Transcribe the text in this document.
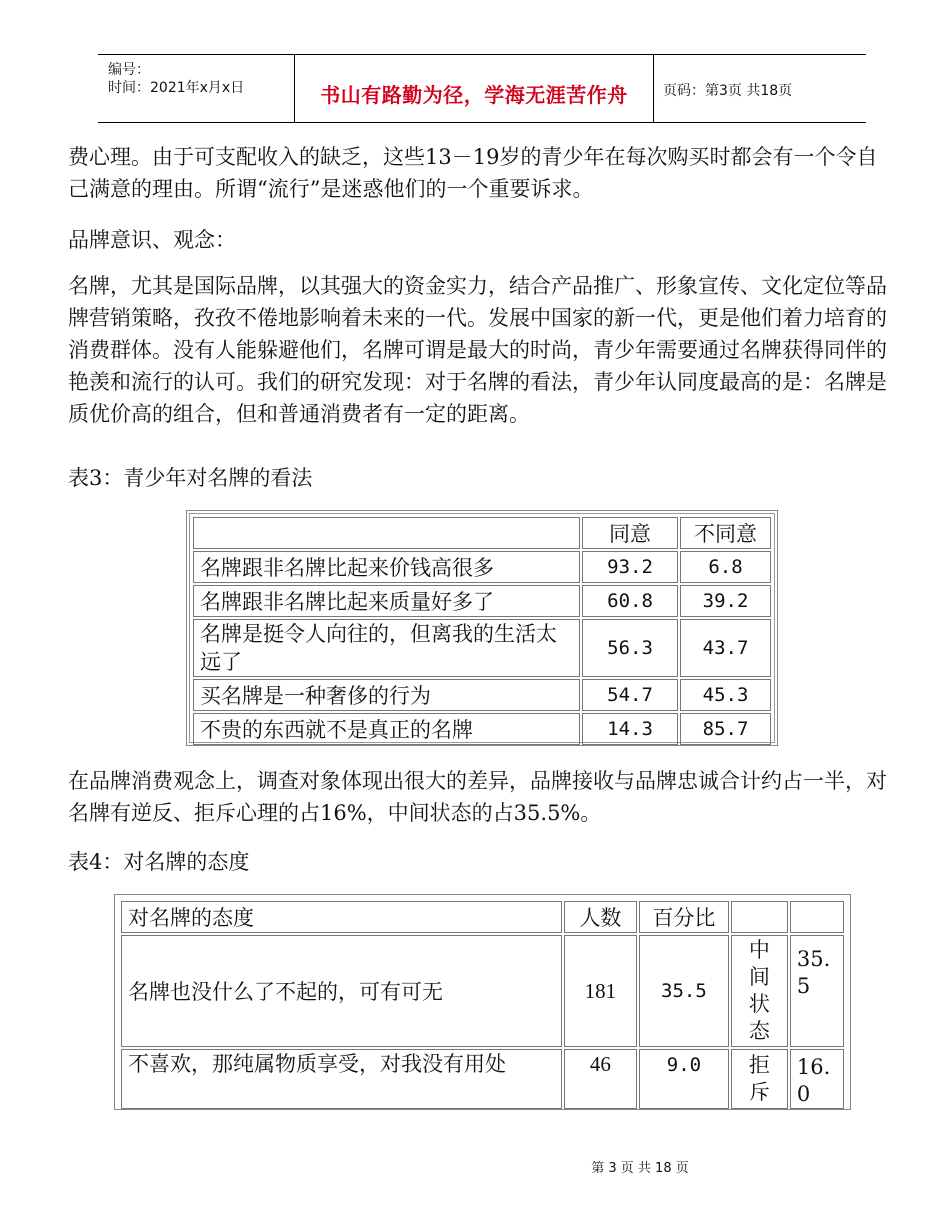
编号：
时间：2021年x月x日	书山有路勤为径，学海无涯苦作舟	页码：第3页 共18页

费心理。由于可支配收入的缺乏，这些13－19岁的青少年在每次购买时都会有一个令自己满意的理由。所谓“流行”是迷惑他们的一个重要诉求。

品牌意识、观念：

名牌，尤其是国际品牌，以其强大的资金实力，结合产品推广、形象宣传、文化定位等品牌营销策略，孜孜不倦地影响着未来的一代。发展中国家的新一代，更是他们着力培育的消费群体。没有人能躲避他们，名牌可谓是最大的时尚，青少年需要通过名牌获得同伴的艳羡和流行的认可。我们的研究发现：对于名牌的看法，青少年认同度最高的是：名牌是质优价高的组合，但和普通消费者有一定的距离。

表3：青少年对名牌的看法

	同意	不同意
名牌跟非名牌比起来价钱高很多	93.2	6.8
名牌跟非名牌比起来质量好多了	60.8	39.2
名牌是挺令人向往的，但离我的生活太远了	56.3	43.7
买名牌是一种奢侈的行为	54.7	45.3
不贵的东西就不是真正的名牌	14.3	85.7

在品牌消费观念上，调查对象体现出很大的差异，品牌接收与品牌忠诚合计约占一半，对名牌有逆反、拒斥心理的占16%，中间状态的占35.5%。

表4：对名牌的态度

对名牌的态度	人数	百分比		
名牌也没什么了不起的，可有可无	181	35.5	中间状态	35.5
不喜欢，那纯属物质享受，对我没有用处	46	9.0	拒斥	16.0
第 3 页 共 18 页
